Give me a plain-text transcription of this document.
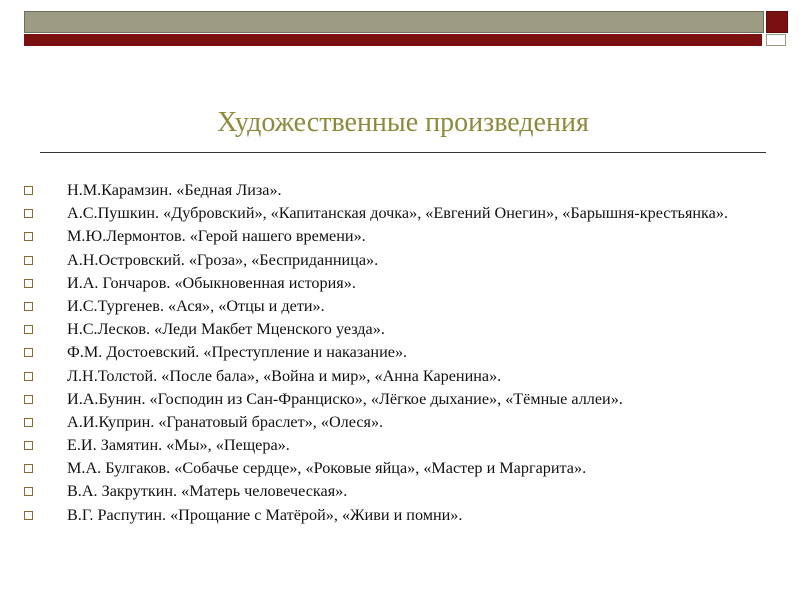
Художественные произведения
Н.М.Карамзин. «Бедная Лиза».
А.С.Пушкин. «Дубровский», «Капитанская дочка», «Евгений Онегин», «Барышня-крестьянка».
М.Ю.Лермонтов. «Герой нашего времени».
А.Н.Островский. «Гроза», «Бесприданница».
И.А. Гончаров. «Обыкновенная история».
И.С.Тургенев. «Ася», «Отцы и дети».
Н.С.Лесков. «Леди Макбет Мценского уезда».
Ф.М. Достоевский. «Преступление и наказание».
Л.Н.Толстой. «После бала», «Война и мир», «Анна Каренина».
И.А.Бунин. «Господин из Сан-Франциско», «Лёгкое дыхание», «Тёмные аллеи».
А.И.Куприн. «Гранатовый браслет», «Олеся».
Е.И. Замятин. «Мы», «Пещера».
М.А. Булгаков. «Собачье сердце», «Роковые яйца», «Мастер и Маргарита».
В.А. Закруткин. «Матерь человеческая».
В.Г. Распутин. «Прощание с Матёрой», «Живи и помни».
